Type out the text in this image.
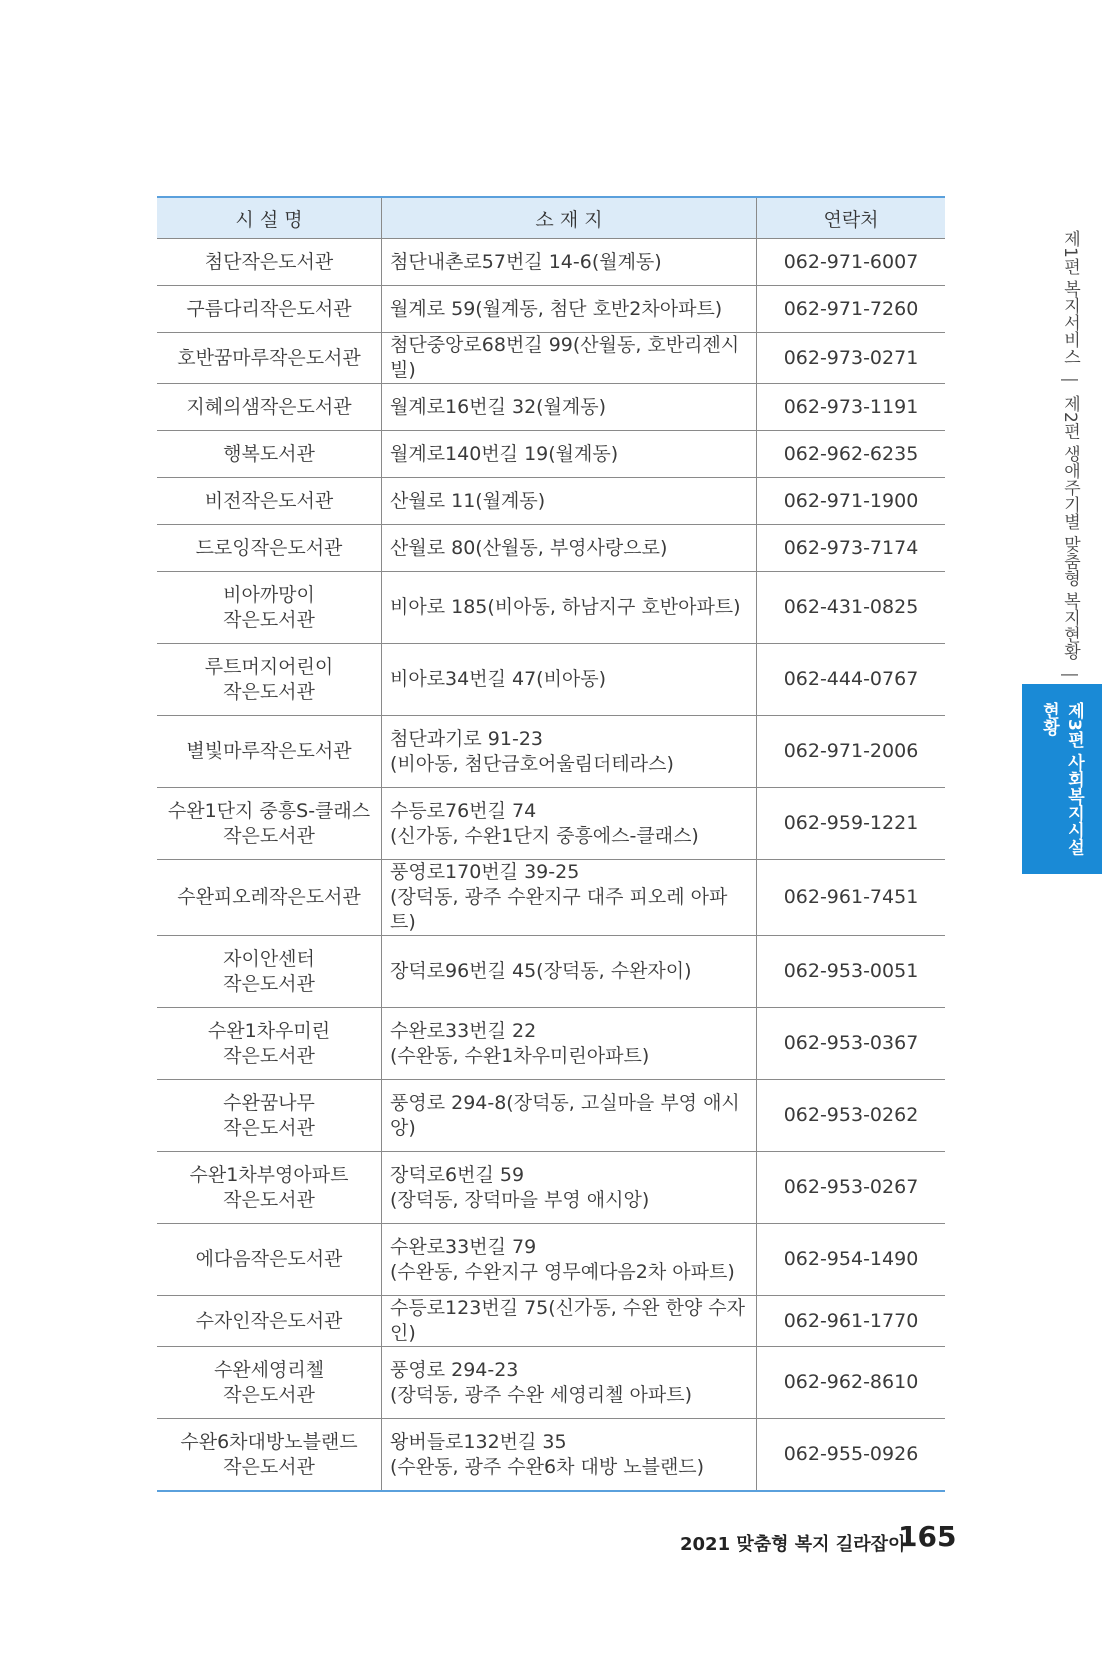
시 설 명	소 재 지	연락처

첨단작은도서관	첨단내촌로57번길 14-6(월계동)	062-971-6007

구름다리작은도서관	월계로 59(월계동, 첨단 호반2차아파트)	062-971-7260

호반꿈마루작은도서관	첨단중앙로68번길 99(산월동, 호반리젠시빌)	062-973-0271

지혜의샘작은도서관	월계로16번길 32(월계동)	062-973-1191

행복도서관	월계로140번길 19(월계동)	062-962-6235

비전작은도서관	산월로 11(월계동)	062-971-1900

드로잉작은도서관	산월로 80(산월동, 부영사랑으로)	062-973-7174

비아까망이
작은도서관	비아로 185(비아동, 하남지구 호반아파트)	062-431-0825

루트머지어린이
작은도서관	비아로34번길 47(비아동)	062-444-0767

별빛마루작은도서관	첨단과기로 91-23
(비아동, 첨단금호어울림더테라스)	062-971-2006

수완1단지 중흥S-클래스
작은도서관	수등로76번길 74
(신가동, 수완1단지 중흥에스-클래스)	062-959-1221

수완피오레작은도서관	풍영로170번길 39-25
(장덕동, 광주 수완지구 대주 피오레 아파트)	062-961-7451

자이안센터
작은도서관	장덕로96번길 45(장덕동, 수완자이)	062-953-0051

수완1차우미린
작은도서관	수완로33번길 22
(수완동, 수완1차우미린아파트)	062-953-0367

수완꿈나무
작은도서관	풍영로 294-8(장덕동, 고실마을 부영 애시앙)	062-953-0262

수완1차부영아파트
작은도서관	장덕로6번길 59
(장덕동, 장덕마을 부영 애시앙)	062-953-0267

에다음작은도서관	수완로33번길 79
(수완동, 수완지구 영무예다음2차 아파트)	062-954-1490

수자인작은도서관	수등로123번길 75(신가동, 수완 한양 수자인)	062-961-1770

수완세영리첼
작은도서관	풍영로 294-23
(장덕동, 광주 수완 세영리첼 아파트)	062-962-8610

수완6차대방노블랜드
작은도서관	왕버들로132번길 35
(수완동, 광주 수완6차 대방 노블랜드)	062-955-0926
제1편 복지서비스|제2편 생애주기별 맞춤형 복지현황|
제3편 사회복지시설 현황
2021 맞춤형 복지 길라잡이
165
